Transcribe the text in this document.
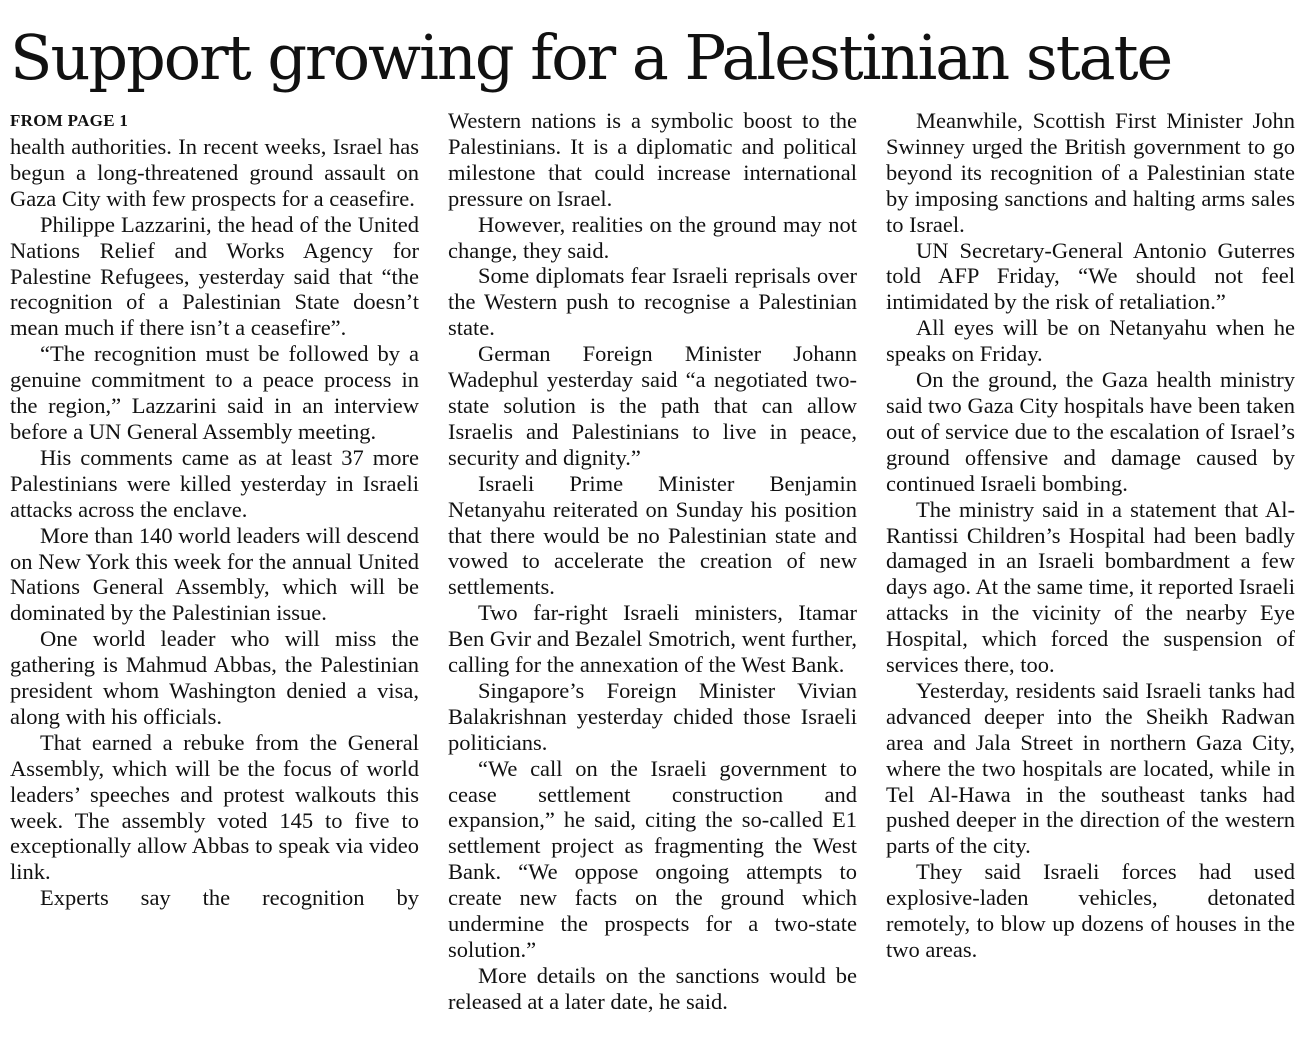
Support growing for a Palestinian state
FROM PAGE 1

health authorities. In recent weeks, Israel has begun a long-threatened ground assault on Gaza City with few prospects for a ceasefire.

Philippe Lazzarini, the head of the United Nations Relief and Works Agency for Palestine Refugees, yesterday said that “the recognition of a Palestinian State doesn’t mean much if there isn’t a ceasefire”.

“The recognition must be followed by a genuine commitment to a peace process in the region,” Lazzarini said in an interview before a UN General Assembly meeting.

His comments came as at least 37 more Palestinians were killed yesterday in Israeli attacks across the enclave.

More than 140 world leaders will descend on New York this week for the annual United Nations General Assembly, which will be dominated by the Palestinian issue.

One world leader who will miss the gathering is Mahmud Abbas, the Palestinian president whom Washington denied a visa, along with his officials.

That earned a rebuke from the General Assembly, which will be the focus of world leaders’ speeches and protest walkouts this week. The assembly voted 145 to five to exceptionally allow Abbas to speak via video link.

Experts say the recognition by

Western nations is a symbolic boost to the Palestinians. It is a diplomatic and political milestone that could increase international pressure on Israel.

However, realities on the ground may not change, they said.

Some diplomats fear Israeli reprisals over the Western push to recognise a Palestinian state.

German Foreign Minister Johann Wadephul yesterday said “a negotiated two-state solution is the path that can allow Israelis and Palestinians to live in peace, security and dignity.”

Israeli Prime Minister Benjamin Netanyahu reiterated on Sunday his position that there would be no Palestinian state and vowed to accelerate the creation of new settlements.

Two far-right Israeli ministers, Itamar Ben Gvir and Bezalel Smotrich, went further, calling for the annexation of the West Bank.

Singapore’s Foreign Minister Vivian Balakrishnan yesterday chided those Israeli politicians.

“We call on the Israeli government to cease settlement construction and expansion,” he said, citing the so-called E1 settlement project as fragmenting the West Bank. “We oppose ongoing attempts to create new facts on the ground which undermine the prospects for a two-state solution.”

More details on the sanctions would be released at a later date, he said.

Meanwhile, Scottish First Minister John Swinney urged the British government to go beyond its recognition of a Palestinian state by imposing sanctions and halting arms sales to Israel.

UN Secretary-General Antonio Guterres told AFP Friday, “We should not feel intimidated by the risk of retaliation.”

All eyes will be on Netanyahu when he speaks on Friday.

On the ground, the Gaza health ministry said two Gaza City hospitals have been taken out of service due to the escalation of Israel’s ground offensive and damage caused by continued Israeli bombing.

The ministry said in a statement that Al-Rantissi Children’s Hospital had been badly damaged in an Israeli bombardment a few days ago. At the same time, it reported Israeli attacks in the vicinity of the nearby Eye Hospital, which forced the suspension of services there, too.

Yesterday, residents said Israeli tanks had advanced deeper into the Sheikh Radwan area and Jala Street in northern Gaza City, where the two hospitals are located, while in Tel Al-Hawa in the southeast tanks had pushed deeper in the direction of the western parts of the city.

They said Israeli forces had used explosive-laden vehicles, detonated remotely, to blow up dozens of houses in the two areas.
